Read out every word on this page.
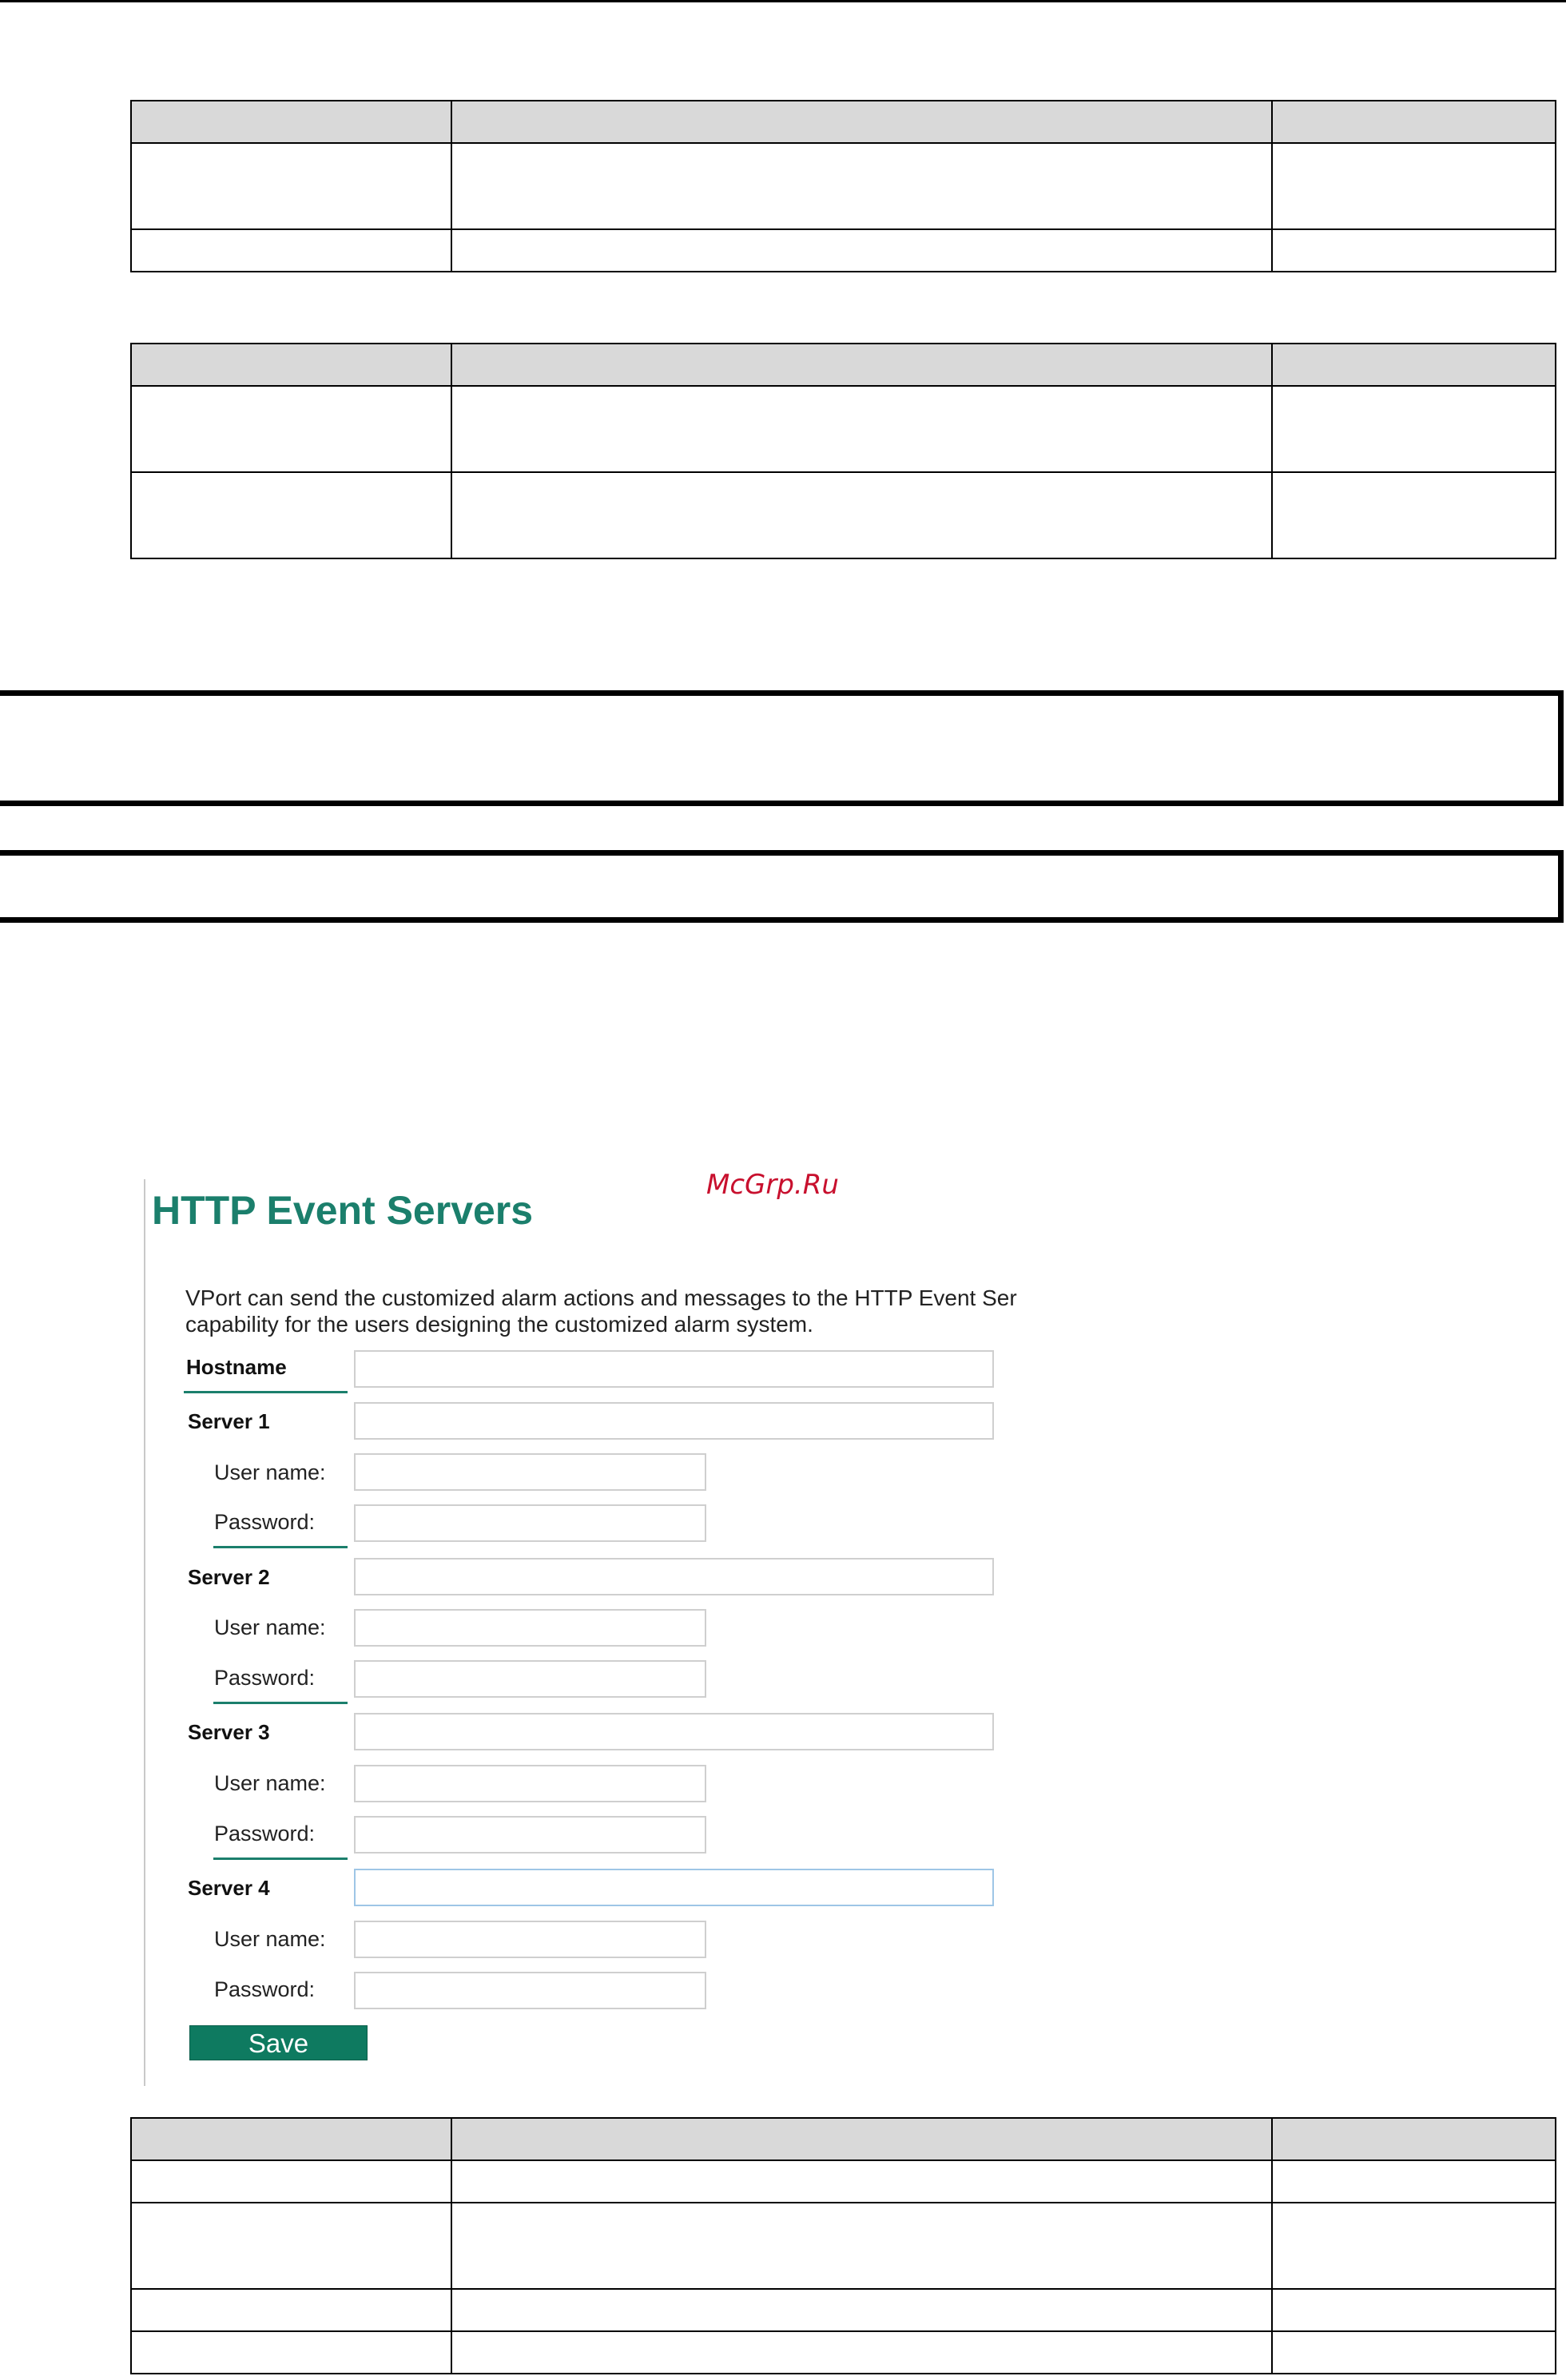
McGrp.Ru
HTTP Event Servers
VPort can send the customized alarm actions and messages to the HTTP Event Ser
capability for the users designing the customized alarm system.
Hostname
Server 1
User name:
Password:
Server 2
User name:
Password:
Server 3
User name:
Password:
Server 4
User name:
Password:
Save
